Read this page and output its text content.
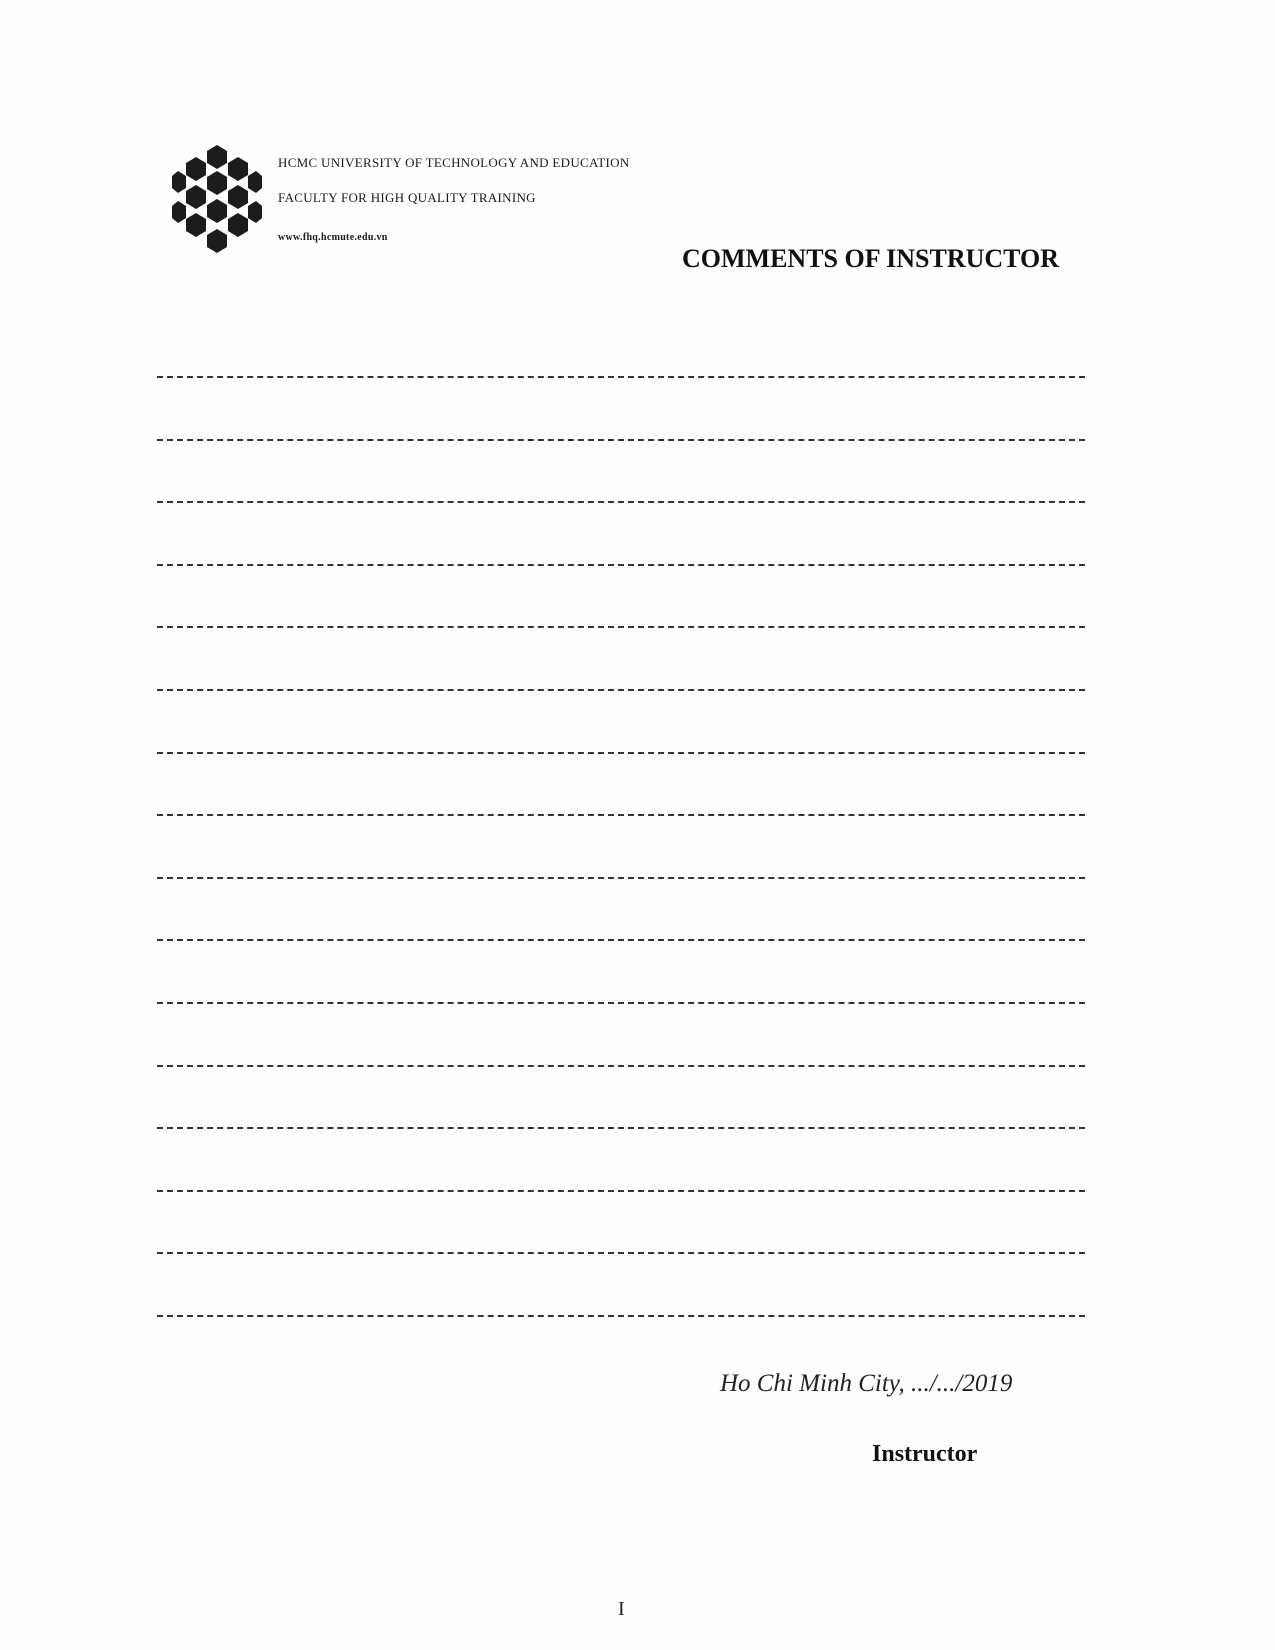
HCMC UNIVERSITY OF TECHNOLOGY AND EDUCATION
FACULTY FOR HIGH QUALITY TRAINING
www.fhq.hcmute.edu.vn
COMMENTS OF INSTRUCTOR
Ho Chi Minh City, .../.../2019
Instructor
I
